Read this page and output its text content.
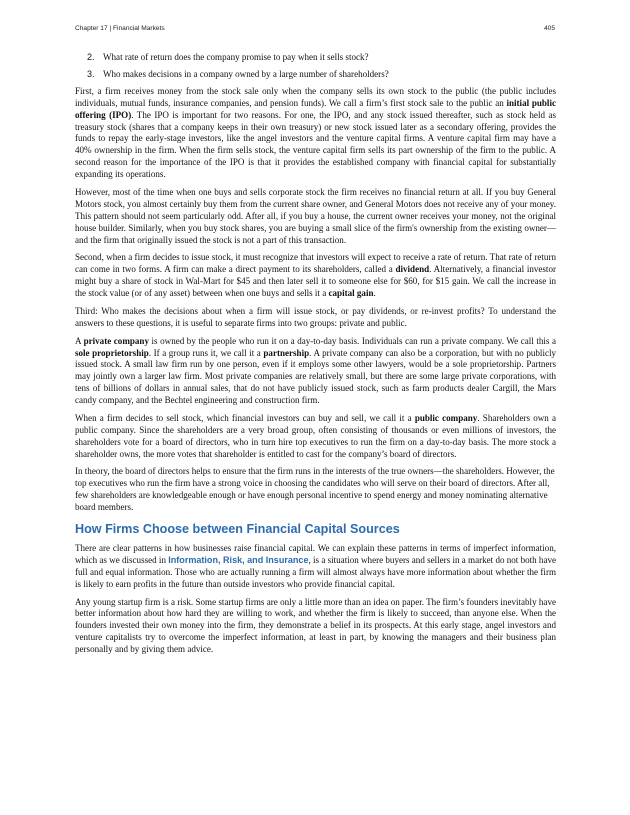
Chapter 17 | Financial Markets	405
2. What rate of return does the company promise to pay when it sells stock?
3. Who makes decisions in a company owned by a large number of shareholders?

First, a firm receives money from the stock sale only when the company sells its own stock to the public (the public includes individuals, mutual funds, insurance companies, and pension funds). We call a firm’s first stock sale to the public an initial public offering (IPO). The IPO is important for two reasons. For one, the IPO, and any stock issued thereafter, such as stock held as treasury stock (shares that a company keeps in their own treasury) or new stock issued later as a secondary offering, provides the funds to repay the early-stage investors, like the angel investors and the venture capital firms. A venture capital firm may have a 40% ownership in the firm. When the firm sells stock, the venture capital firm sells its part ownership of the firm to the public. A second reason for the importance of the IPO is that it provides the established company with financial capital for substantially expanding its operations.

However, most of the time when one buys and sells corporate stock the firm receives no financial return at all. If you buy General Motors stock, you almost certainly buy them from the current share owner, and General Motors does not receive any of your money. This pattern should not seem particularly odd. After all, if you buy a house, the current owner receives your money, not the original house builder. Similarly, when you buy stock shares, you are buying a small slice of the firm's ownership from the existing owner—and the firm that originally issued the stock is not a part of this transaction.

Second, when a firm decides to issue stock, it must recognize that investors will expect to receive a rate of return. That rate of return can come in two forms. A firm can make a direct payment to its shareholders, called a dividend. Alternatively, a financial investor might buy a share of stock in Wal-Mart for $45 and then later sell it to someone else for $60, for $15 gain. We call the increase in the stock value (or of any asset) between when one buys and sells it a capital gain.

Third: Who makes the decisions about when a firm will issue stock, or pay dividends, or re-invest profits? To understand the answers to these questions, it is useful to separate firms into two groups: private and public.

A private company is owned by the people who run it on a day-to-day basis. Individuals can run a private company. We call this a sole proprietorship. If a group runs it, we call it a partnership. A private company can also be a corporation, but with no publicly issued stock. A small law firm run by one person, even if it employs some other lawyers, would be a sole proprietorship. Partners may jointly own a larger law firm. Most private companies are relatively small, but there are some large private corporations, with tens of billions of dollars in annual sales, that do not have publicly issued stock, such as farm products dealer Cargill, the Mars candy company, and the Bechtel engineering and construction firm.

When a firm decides to sell stock, which financial investors can buy and sell, we call it a public company. Shareholders own a public company. Since the shareholders are a very broad group, often consisting of thousands or even millions of investors, the shareholders vote for a board of directors, who in turn hire top executives to run the firm on a day-to-day basis. The more stock a shareholder owns, the more votes that shareholder is entitled to cast for the company’s board of directors.

In theory, the board of directors helps to ensure that the firm runs in the interests of the true owners—the shareholders. However, the top executives who run the firm have a strong voice in choosing the candidates who will serve on their board of directors. After all, few shareholders are knowledgeable enough or have enough personal incentive to spend energy and money nominating alternative board members.

How Firms Choose between Financial Capital Sources

There are clear patterns in how businesses raise financial capital. We can explain these patterns in terms of imperfect information, which as we discussed in Information, Risk, and Insurance, is a situation where buyers and sellers in a market do not both have full and equal information. Those who are actually running a firm will almost always have more information about whether the firm is likely to earn profits in the future than outside investors who provide financial capital.

Any young startup firm is a risk. Some startup firms are only a little more than an idea on paper. The firm’s founders inevitably have better information about how hard they are willing to work, and whether the firm is likely to succeed, than anyone else. When the founders invested their own money into the firm, they demonstrate a belief in its prospects. At this early stage, angel investors and venture capitalists try to overcome the imperfect information, at least in part, by knowing the managers and their business plan personally and by giving them advice.
